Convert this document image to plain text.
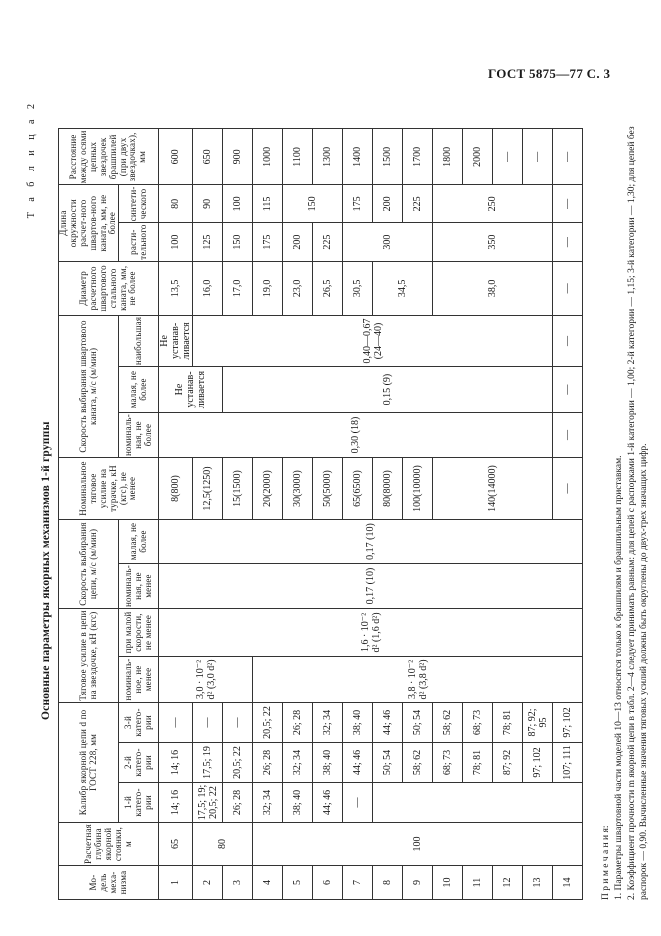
ГОСТ 5875—77 С. 3
Основные параметры якорных механизмов 1-й группы
Т а б л и ц а 2
Мо-дель меха-низма	Расчетная глубина якорной стоянки, м	Калибр якорной цепи d по ГОСТ 228, мм			Тяговое усилие в цепи на звездочке, кН (кгс)		Скорость выбирания цепи, м/с (м/мин)		Номинальное тяговое усилие на турачке, кН (кгс), не менее	Скорость выбирания швартового каната, м/с (м/мин)			Диаметр расчетного швартового стального каната, мм, не более	Длина окружности расчет-ного швартов-ного каната, мм, не более		Расстояние между осями цепных звездочек брашпилей (при двух звездочках), мм
		1-й катего-рии	2-й катего-рии	3-й катего-рии	номиналь-ное, не менее	при малой скорости, не менее	номиналь-ная, не менее	малая, не более		номиналь-ная, не более	малая, не более	наибольшая		расти-тельного	синтети-ческого	
1	65	14; 16	14; 16	—	3,0 · 10⁻² d² (3,0 d²)	1,6 · 10⁻² d² (1,6 d²)	0,17 (10)	0,17 (10)	8(800)	0,30 (18)	Не устанав-ливается	Не устанав-ливается	13,5	100	80	600
2	80	17,5; 19; 20,5; 22	17,5; 19	—					12,5(1250)			0,40—0,67 (24—40)	16,0	125	90	650
3		26; 28	20,5; 22	—					15(1500)		0,15 (9)		17,0	150	100	900
4	100	32; 34	26; 28	20,5; 22	3,8 · 10⁻² d² (3,8 d²)				20(2000)				19,0	175	115	1000
5		38; 40	32; 34	26; 28					30(3000)				23,0	200	150	1100
6		44; 46	38; 40	32; 34					50(5000)				26,5	225		1300
7		—	44; 46	38; 40					65(6500)				30,5	300	175	1400
8			50; 54	44; 46					80(8000)				34,5		200	1500
9			58; 62	50; 54					100(10000)						225	1700
10			68; 73	58; 62					140(14000)				38,0	350	250	1800
11			78; 81	68; 73												2000
12			87; 92	78; 81												—
13			97; 102	87; 92; 95												—
14			107; 111	97; 102					—	—	—	—	—	—	—	—

П р и м е ч а н и я: 1. Параметры швартовной части моделей 10—13 относятся только к брашпилям и брашпильным приставкам. 2. Коэффициент прочности m якорной цепи в табл. 2—4 следует принимать равным: для цепей с распорками 1-й категории — 1,00; 2-й категории — 1,15; 3-й категории — 1,30; для цепей без распорок — 0,90. Вычисленные значения тяговых усилий должны быть округлены до двух-трех значащих цифр.
